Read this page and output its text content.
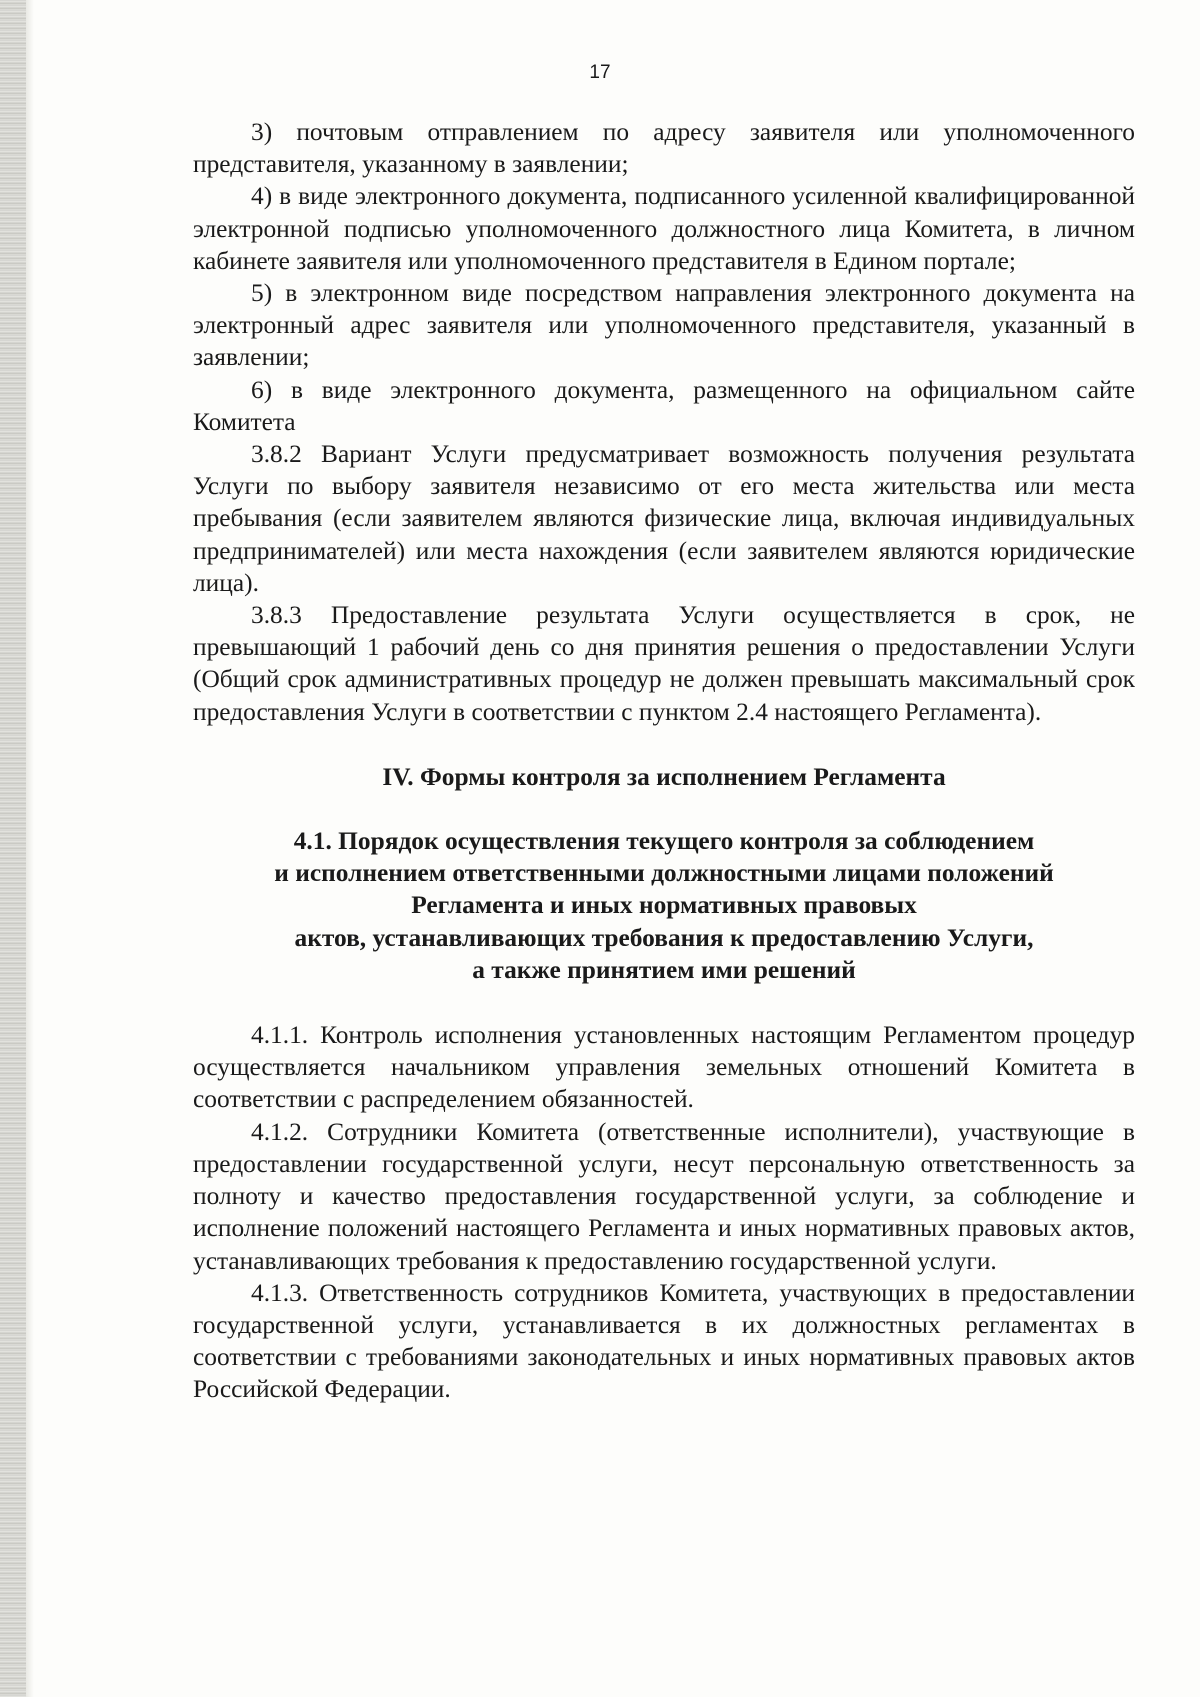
17

3) почтовым отправлением по адресу заявителя или уполномоченного представителя, указанному в заявлении;

4) в виде электронного документа, подписанного усиленной квалифицированной электронной подписью уполномоченного должностного лица Комитета, в личном кабинете заявителя или уполномоченного представителя в Едином портале;

5) в электронном виде посредством направления электронного документа на электронный адрес заявителя или уполномоченного представителя, указанный в заявлении;

6) в виде электронного документа, размещенного на официальном сайте Комитета

3.8.2 Вариант Услуги предусматривает возможность получения результата Услуги по выбору заявителя независимо от его места жительства или места пребывания (если заявителем являются физические лица, включая индивидуальных предпринимателей) или места нахождения (если заявителем являются юридические лица).

3.8.3 Предоставление результата Услуги осуществляется в срок, не превышающий 1 рабочий день со дня принятия решения о предоставлении Услуги (Общий срок административных процедур не должен превышать максимальный срок предоставления Услуги в соответствии с пунктом 2.4 настоящего Регламента).

IV. Формы контроля за исполнением Регламента
4.1. Порядок осуществления текущего контроля за соблюдением
и исполнением ответственными должностными лицами положений
Регламента и иных нормативных правовых
актов, устанавливающих требования к предоставлению Услуги,
а также принятием ими решений

4.1.1. Контроль исполнения установленных настоящим Регламентом процедур осуществляется начальником управления земельных отношений Комитета в соответствии с распределением обязанностей.

4.1.2. Сотрудники Комитета (ответственные исполнители), участвующие в предоставлении государственной услуги, несут персональную ответственность за полноту и качество предоставления государственной услуги, за соблюдение и исполнение положений настоящего Регламента и иных нормативных правовых актов, устанавливающих требования к предоставлению государственной услуги.

4.1.3. Ответственность сотрудников Комитета, участвующих в предоставлении государственной услуги, устанавливается в их должностных регламентах в соответствии с требованиями законодательных и иных нормативных правовых актов Российской Федерации.
